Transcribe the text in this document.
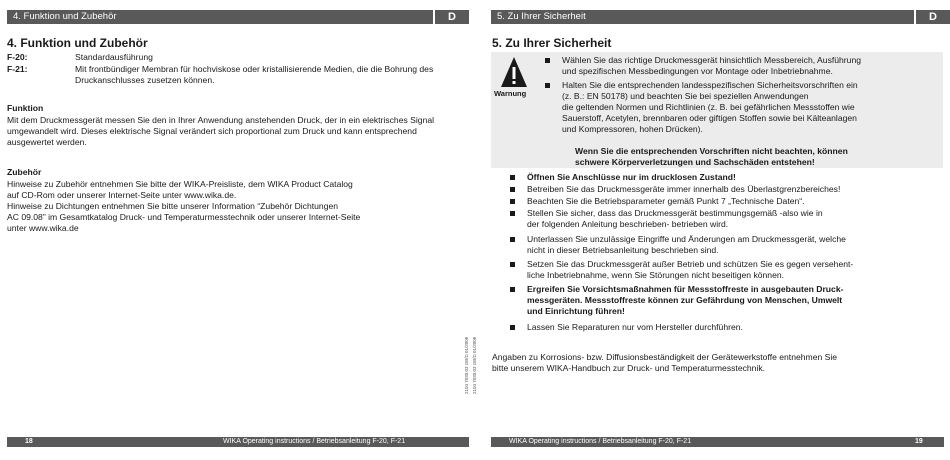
4. Funktion und Zubehör	D
4. Funktion und Zubehör
F-20:	Standardausführung
F-21:	Mit frontbündiger Membran für hochviskose oder kristallisierende Medien, die die Bohrung des Druckanschlusses zusetzen können.
Funktion
Mit dem Druckmessgerät messen Sie den in Ihrer Anwendung anstehenden Druck, der in ein elektrisches Signal umgewandelt wird. Dieses elektrische Signal verändert sich proportional zum Druck und kann entsprechend ausgewertet werden.
Zubehör
Hinweise zu Zubehör entnehmen Sie bitte der WIKA-Preisliste, dem WIKA Product Catalog
auf CD-Rom oder unserer Internet-Seite unter www.wika.de.
Hinweise zu Dichtungen entnehmen Sie bitte unserer Information “Zubehör Dichtungen
AC 09.08” im Gesamtkatalog Druck- und Temperaturmesstechnik oder unserer Internet-Seite
unter www.wika.de
18	WIKA Operating instructions / Betriebsanleitung F-20, F-21
2104 7030.03 GB/D 01/2006 2104 7030.03 GB/D 01/2006
5. Zu Ihrer Sicherheit	D
5. Zu Ihrer Sicherheit
Warnung
Wählen Sie das richtige Druckmessgerät hinsichtlich Messbereich, Ausführung
und spezifischen Messbedingungen vor Montage oder Inbetriebnahme.
Halten Sie die entsprechenden landesspezifischen Sicherheitsvorschriften ein
(z. B.: EN 50178) und beachten Sie bei speziellen Anwendungen
die geltenden Normen und Richtlinien (z. B. bei gefährlichen Messstoffen wie
Sauerstoff, Acetylen, brennbaren oder giftigen Stoffen sowie bei Kälteanlagen
und Kompressoren, hohen Drücken).
Wenn Sie die entsprechenden Vorschriften nicht beachten, können
schwere Körperverletzungen und Sachschäden entstehen!
Öffnen Sie Anschlüsse nur im drucklosen Zustand!
Betreiben Sie das Druckmessgeräte immer innerhalb des Überlastgrenzbereiches!
Beachten Sie die Betriebsparameter gemäß Punkt 7 „Technische Daten“.
Stellen Sie sicher, dass das Druckmessgerät bestimmungsgemäß -also wie in
der folgenden Anleitung beschrieben- betrieben wird.
Unterlassen Sie unzulässige Eingriffe und Änderungen am Druckmessgerät, welche
nicht in dieser Betriebsanleitung beschrieben sind.
Setzen Sie das Druckmessgerät außer Betrieb und schützen Sie es gegen versehent-
liche Inbetriebnahme, wenn Sie Störungen nicht beseitigen können.
Ergreifen Sie Vorsichtsmaßnahmen für Messstoffreste in ausgebauten Druck-
messgeräten. Messstoffreste können zur Gefährdung von Menschen, Umwelt
und Einrichtung führen!
Lassen Sie Reparaturen nur vom Hersteller durchführen.
Angaben zu Korrosions- bzw. Diffusionsbeständigkeit der Gerätewerkstoffe entnehmen Sie
bitte unserem WIKA-Handbuch zur Druck- und Temperaturmesstechnik.
WIKA Operating instructions / Betriebsanleitung F-20, F-21	19
